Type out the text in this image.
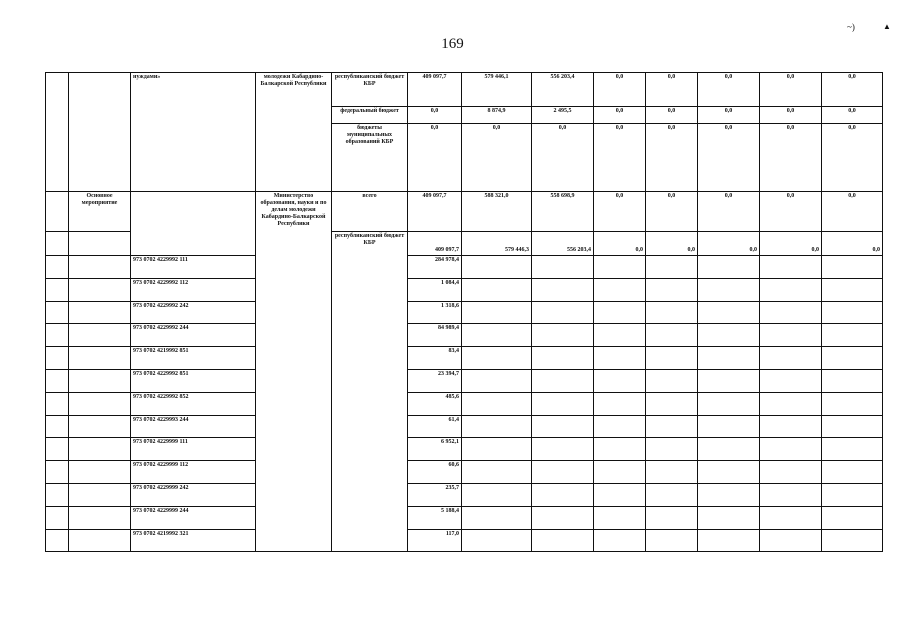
169
~)	▲
		нуждами»	молодежи Кабардино-Балкарской Республики	республиканский бюджет КБР	409 097,7	579 446,1	556 203,4	0,0	0,0	0,0	0,0	0,0
				федеральный бюджет	0,0	8 874,9	2 495,5	0,0	0,0	0,0	0,0	0,0
				бюджеты муниципальных образований КБР	0,0	0,0	0,0	0,0	0,0	0,0	0,0	0,0
	Основное мероприятие		Министерство образования, науки и по делам молодежи Кабардино-Балкарской Республики	всего	409 097,7	588 321,0	558 698,9	0,0	0,0	0,0	0,0	0,0
				республиканский бюджет КБР	409 097,7	579 446,3	556 203,4	0,0	0,0	0,0	0,0	0,0
		973 0702 4229992 111			284 978,4							
		973 0702 4229992 112			1 084,4							
		973 0702 4229992 242			1 318,6							
		973 0702 4229992 244			84 989,4							
		973 0702 4219992 851			83,4							
		973 0702 4229992 851			23 394,7							
		973 0702 4229992 852			485,6							
		973 0702 4229993 244			61,4							
		973 0702 4229999 111			6 952,1							
		973 0702 4229999 112			60,6							
		973 0702 4229999 242			235,7							
		973 0702 4229999 244			5 188,4							
		973 0702 4219992 321			117,0							
